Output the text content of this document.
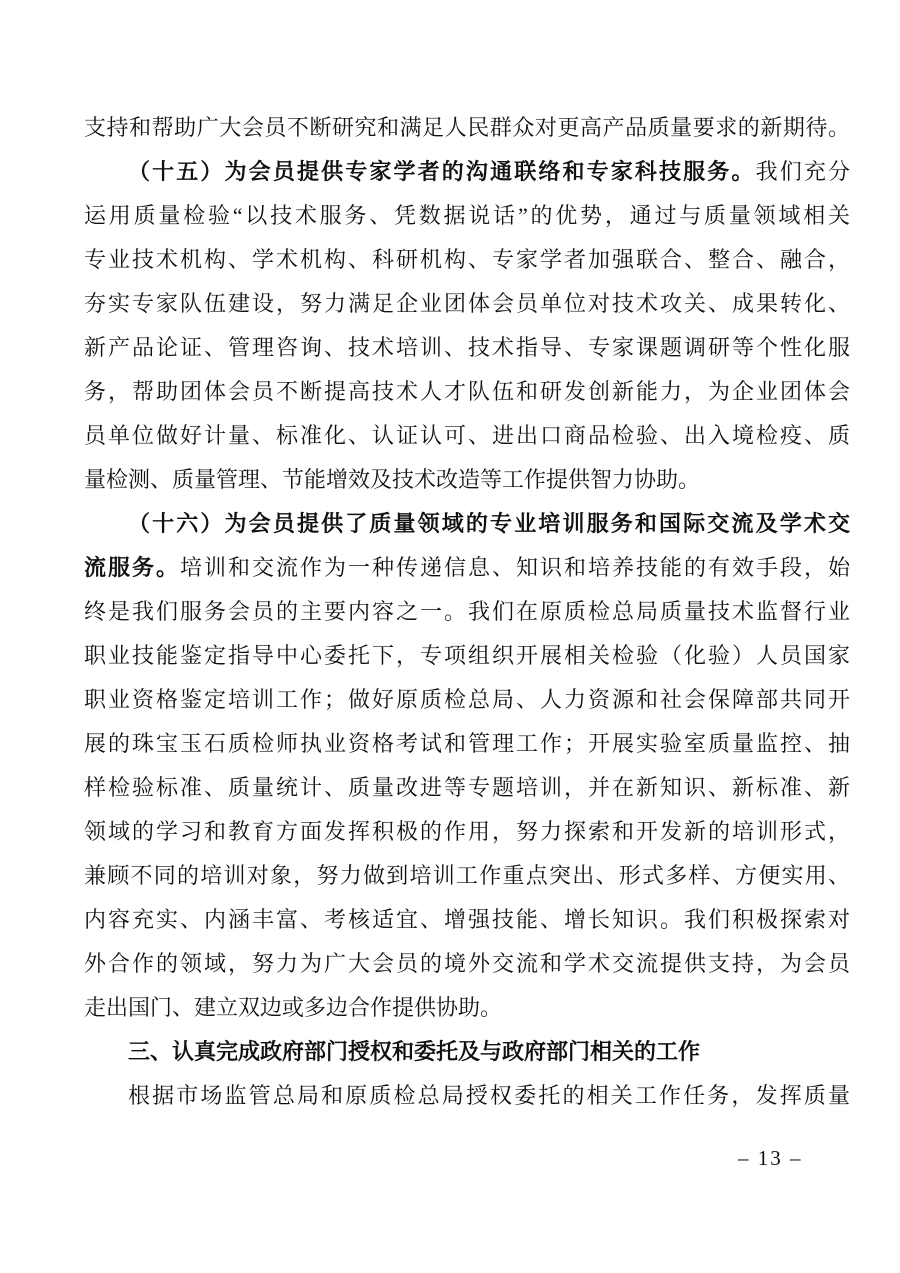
支持和帮助广大会员不断研究和满足人民群众对更高产品质量要求的新期待。
（十五）为会员提供专家学者的沟通联络和专家科技服务。我们充分
运用质量检验“以技术服务、凭数据说话”的优势，通过与质量领域相关
专业技术机构、学术机构、科研机构、专家学者加强联合、整合、融合，
夯实专家队伍建设，努力满足企业团体会员单位对技术攻关、成果转化、
新产品论证、管理咨询、技术培训、技术指导、专家课题调研等个性化服
务，帮助团体会员不断提高技术人才队伍和研发创新能力，为企业团体会
员单位做好计量、标准化、认证认可、进出口商品检验、出入境检疫、质
量检测、质量管理、节能增效及技术改造等工作提供智力协助。
（十六）为会员提供了质量领域的专业培训服务和国际交流及学术交
流服务。培训和交流作为一种传递信息、知识和培养技能的有效手段，始
终是我们服务会员的主要内容之一。我们在原质检总局质量技术监督行业
职业技能鉴定指导中心委托下，专项组织开展相关检验（化验）人员国家
职业资格鉴定培训工作；做好原质检总局、人力资源和社会保障部共同开
展的珠宝玉石质检师执业资格考试和管理工作；开展实验室质量监控、抽
样检验标准、质量统计、质量改进等专题培训，并在新知识、新标准、新
领域的学习和教育方面发挥积极的作用，努力探索和开发新的培训形式，
兼顾不同的培训对象，努力做到培训工作重点突出、形式多样、方便实用、
内容充实、内涵丰富、考核适宜、增强技能、增长知识。我们积极探索对
外合作的领域，努力为广大会员的境外交流和学术交流提供支持，为会员
走出国门、建立双边或多边合作提供协助。
三、认真完成政府部门授权和委托及与政府部门相关的工作
根据市场监管总局和原质检总局授权委托的相关工作任务，发挥质量
– 13 –
